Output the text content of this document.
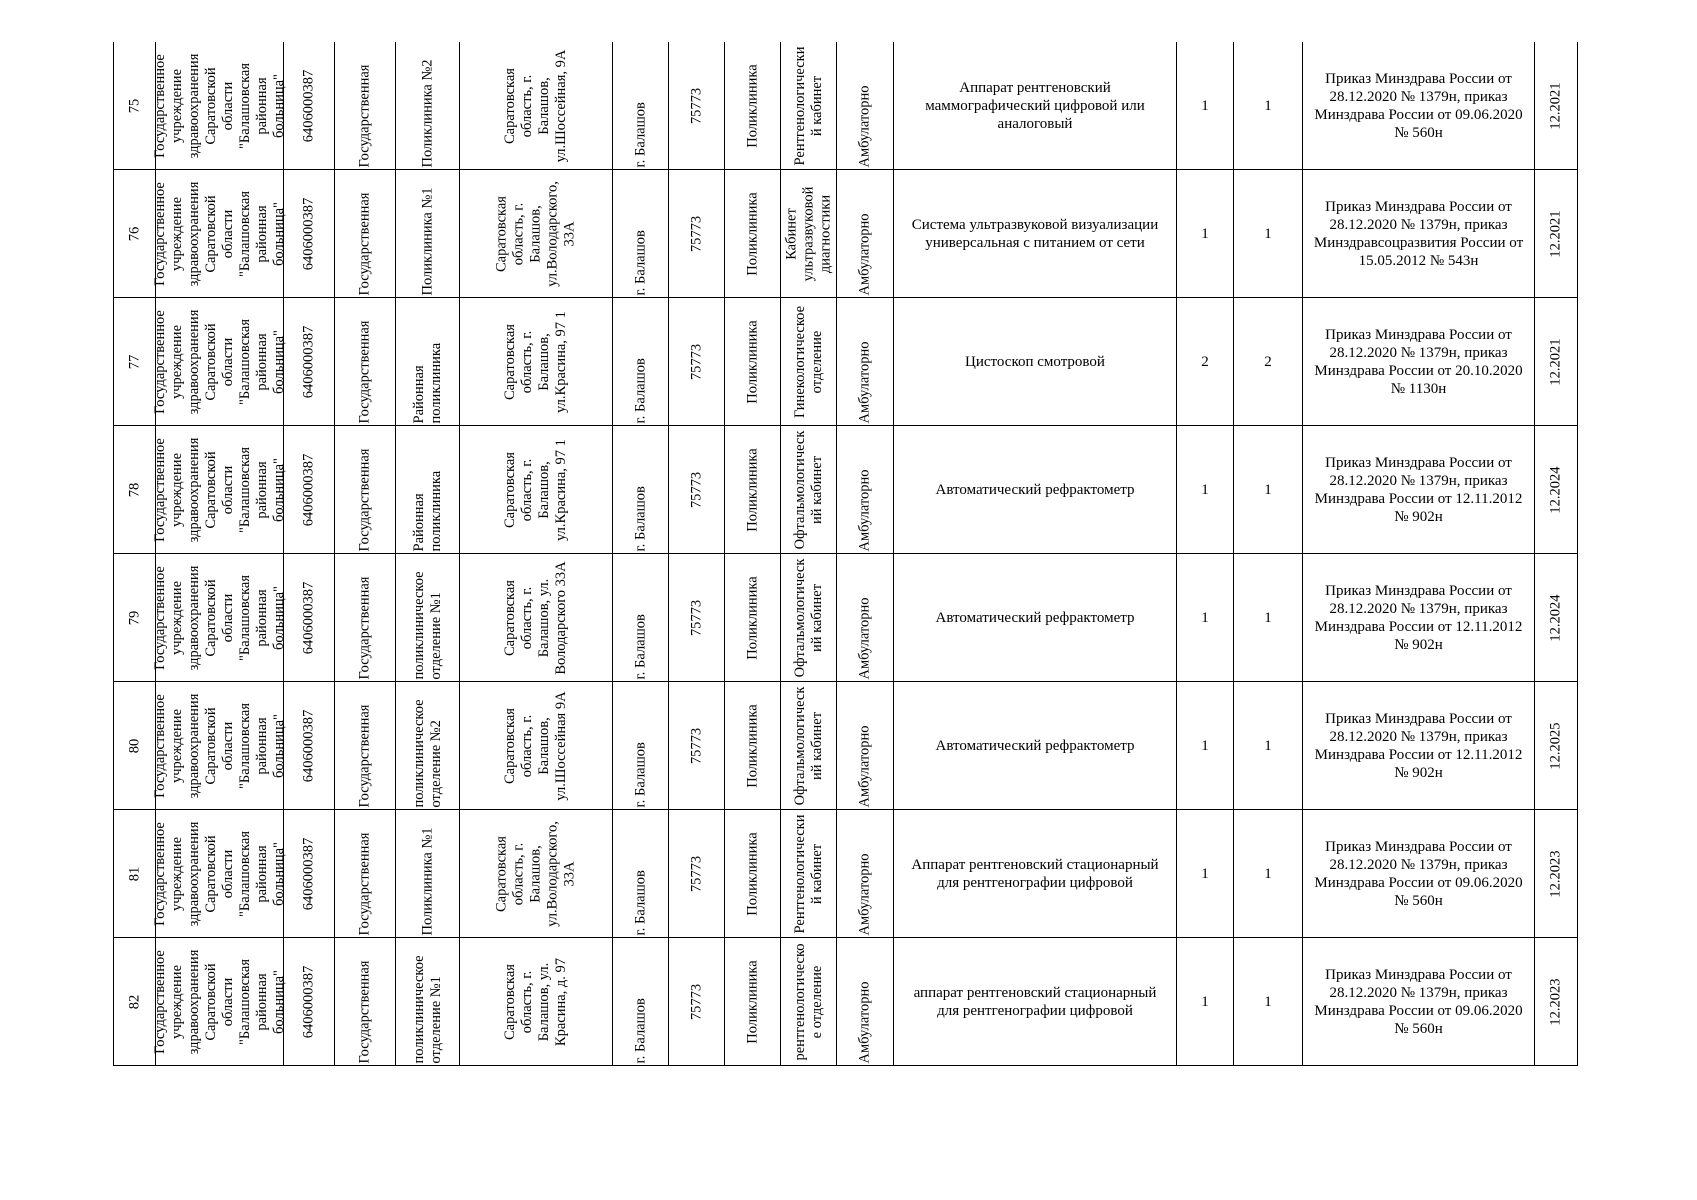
75	Государственное учреждение здравоохранения Саратовской области "Балашовская районная больница"	6406000387	Государственная	Поликлиника №2	Саратовская область, г. Балашов, ул.Шоссейная, 9А	г. Балашов	75773	Поликлиника	Рентгенологический кабинет	Амбулаторно	Аппарат рентгеновский маммографический цифровой или аналоговый	1	1	Приказ Минздрава России от 28.12.2020 № 1379н, приказ Минздрава России от 09.06.2020 № 560н	12.2021

76	Государственное учреждение здравоохранения Саратовской области "Балашовская районная больница"	6406000387	Государственная	Поликлиника №1	Саратовская область, г. Балашов, ул.Володарского, 33А	г. Балашов	75773	Поликлиника	Кабинет ультразвуковой диагностики	Амбулаторно	Система ультразвуковой визуализации универсальная с питанием от сети	1	1	Приказ Минздрава России от 28.12.2020 № 1379н, приказ Минздравсоцразвития России от 15.05.2012 № 543н	12.2021

77	Государственное учреждение здравоохранения Саратовской области "Балашовская районная больница"	6406000387	Государственная	Районная поликлиника	Саратовская область, г. Балашов, ул.Красина, 97 1	г. Балашов	75773	Поликлиника	Гинекологическое отделение	Амбулаторно	Цистоскоп смотровой	2	2	Приказ Минздрава России от 28.12.2020 № 1379н, приказ Минздрава России от 20.10.2020 № 1130н	12.2021

78	Государственное учреждение здравоохранения Саратовской области "Балашовская районная больница"	6406000387	Государственная	Районная поликлиника	Саратовская область, г. Балашов, ул.Красина, 97 1	г. Балашов	75773	Поликлиника	Офтальмологический кабинет	Амбулаторно	Автоматический рефрактометр	1	1	Приказ Минздрава России от 28.12.2020 № 1379н, приказ Минздрава России от 12.11.2012 № 902н	12.2024

79	Государственное учреждение здравоохранения Саратовской области "Балашовская районная больница"	6406000387	Государственная	поликлиническое отделение №1	Саратовская область, г. Балашов, ул. Володарского 33А	г. Балашов	75773	Поликлиника	Офтальмологический кабинет	Амбулаторно	Автоматический рефрактометр	1	1	Приказ Минздрава России от 28.12.2020 № 1379н, приказ Минздрава России от 12.11.2012 № 902н	12.2024

80	Государственное учреждение здравоохранения Саратовской области "Балашовская районная больница"	6406000387	Государственная	поликлиническое отделение №2	Саратовская область, г. Балашов, ул.Шоссейная 9А	г. Балашов	75773	Поликлиника	Офтальмологический кабинет	Амбулаторно	Автоматический рефрактометр	1	1	Приказ Минздрава России от 28.12.2020 № 1379н, приказ Минздрава России от 12.11.2012 № 902н	12.2025

81	Государственное учреждение здравоохранения Саратовской области "Балашовская районная больница"	6406000387	Государственная	Поликлиника №1	Саратовская область, г. Балашов, ул.Володарского, 33А	г. Балашов	75773	Поликлиника	Рентгенологический кабинет	Амбулаторно	Аппарат рентгеновский стационарный для рентгенографии цифровой	1	1	Приказ Минздрава России от 28.12.2020 № 1379н, приказ Минздрава России от 09.06.2020 № 560н	12.2023

82	Государственное учреждение здравоохранения Саратовской области "Балашовская районная больница"	6406000387	Государственная	поликлиническое отделение №1	Саратовская область, г. Балашов, ул. Красина, д. 97	г. Балашов	75773	Поликлиника	рентгенологическое отделение	Амбулаторно	аппарат рентгеновский стационарный для рентгенографии цифровой	1	1	Приказ Минздрава России от 28.12.2020 № 1379н, приказ Минздрава России от 09.06.2020 № 560н	12.2023
